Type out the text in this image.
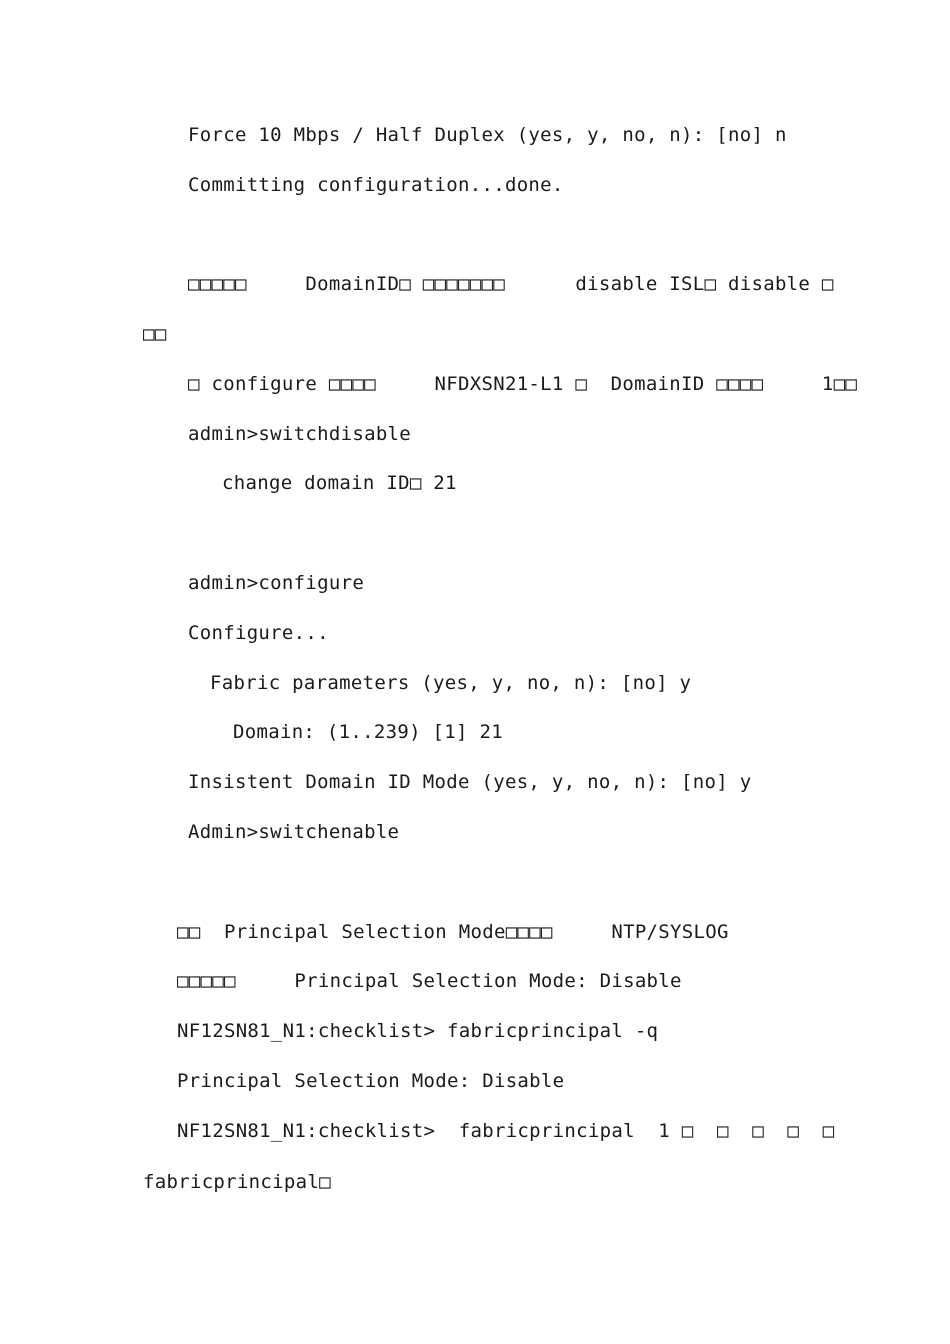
Force 10 Mbps / Half Duplex (yes, y, no, n): [no] n
Committing configuration...done.
□□□□□     DomainID□ □□□□□□□      disable ISL□ disable □
□□
□ configure □□□□     NFDXSN21-L1 □  DomainID □□□□     1□□
admin>switchdisable
change domain ID□ 21
admin>configure
Configure...
Fabric parameters (yes, y, no, n): [no] y
Domain: (1..239) [1] 21
Insistent Domain ID Mode (yes, y, no, n): [no] y
Admin>switchenable
□□  Principal Selection Mode□□□□     NTP/SYSLOG
□□□□□     Principal Selection Mode: Disable
NF12SN81_N1:checklist> fabricprincipal -q
Principal Selection Mode: Disable
NF12SN81_N1:checklist>  fabricprincipal  1 □  □  □  □  □
fabricprincipal□
